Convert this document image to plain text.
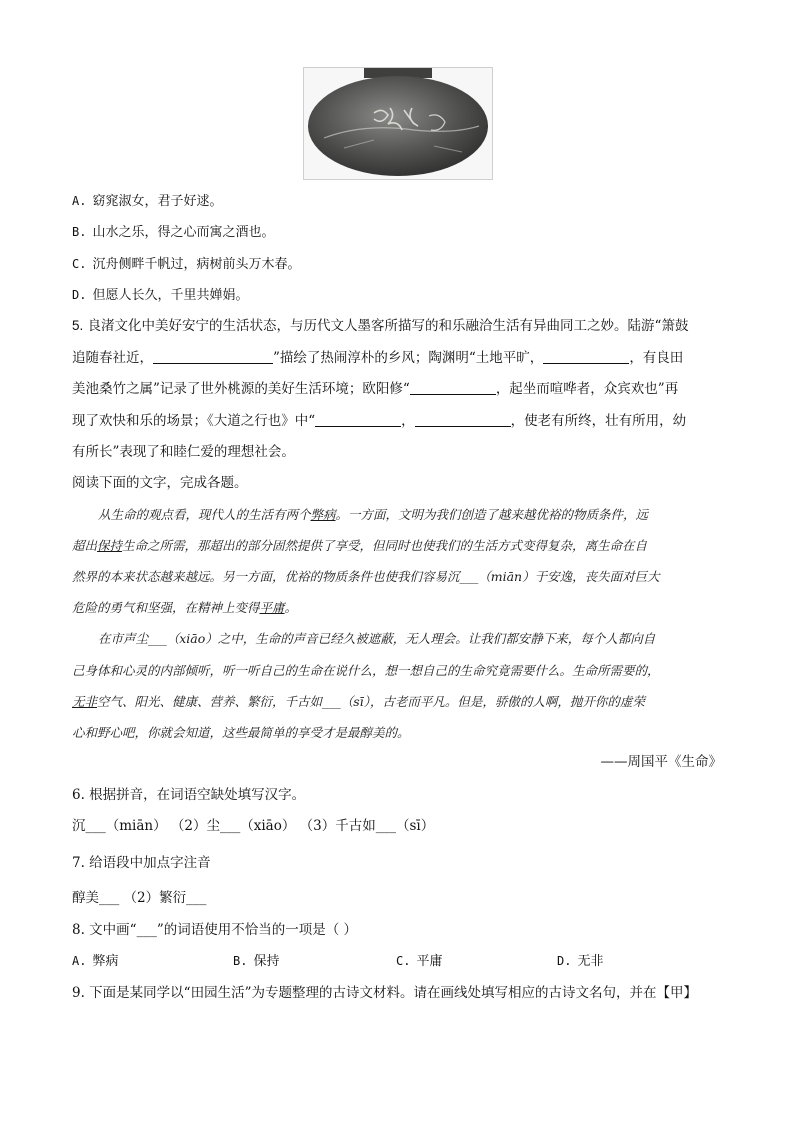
A. 窈窕淑女，君子好逑。
B. 山水之乐，得之心而寓之酒也。
C. 沉舟侧畔千帆过，病树前头万木春。
D. 但愿人长久，千里共婵娟。
5. 良渚文化中美好安宁的生活状态，与历代文人墨客所描写的和乐融洽生活有异曲同工之妙。陆游“箫鼓
追随春社近，	”描绘了热闹淳朴的乡风；陶渊明“土地平旷，	，有良田
美池桑竹之属”记录了世外桃源的美好生活环境；欧阳修“	，起坐而喧哗者，众宾欢也”再
现了欢快和乐的场景；《大道之行也》中“	，	，使老有所终，壮有所用，幼
有所长”表现了和睦仁爱的理想社会。
阅读下面的文字，完成各题。
从生命的观点看，现代人的生活有两个弊病。一方面，文明为我们创造了越来越优裕的物质条件，远
超出保持生命之所需，那超出的部分固然提供了享受，但同时也使我们的生活方式变得复杂，离生命在自
然界的本来状态越来越远。另一方面，优裕的物质条件也使我们容易沉___（miān）于安逸，丧失面对巨大
危险的勇气和坚强，在精神上变得平庸。
在市声尘___（xiāo）之中，生命的声音已经久被遮蔽，无人理会。让我们都安静下来，每个人都向自
己身体和心灵的内部倾听，听一听自己的生命在说什么，想一想自己的生命究竟需要什么。生命所需要的，
无非空气、阳光、健康、营养、繁衍，千古如___（sī），古老而平凡。但是，骄傲的人啊，抛开你的虚荣
心和野心吧，你就会知道，这些最简单的享受才是最醇美的。
——周国平《生命》
6. 根据拼音，在词语空缺处填写汉字。
沉___（miān） （2）尘___（xiāo） （3）千古如___（sī）
7. 给语段中加点字注音
醇美___ （2）繁衍___
8. 文中画“___”的词语使用不恰当的一项是（ ）
A. 弊病	B. 保持	C. 平庸	D. 无非
9. 下面是某同学以“田园生活”为专题整理的古诗文材料。请在画线处填写相应的古诗文名句，并在【甲】
